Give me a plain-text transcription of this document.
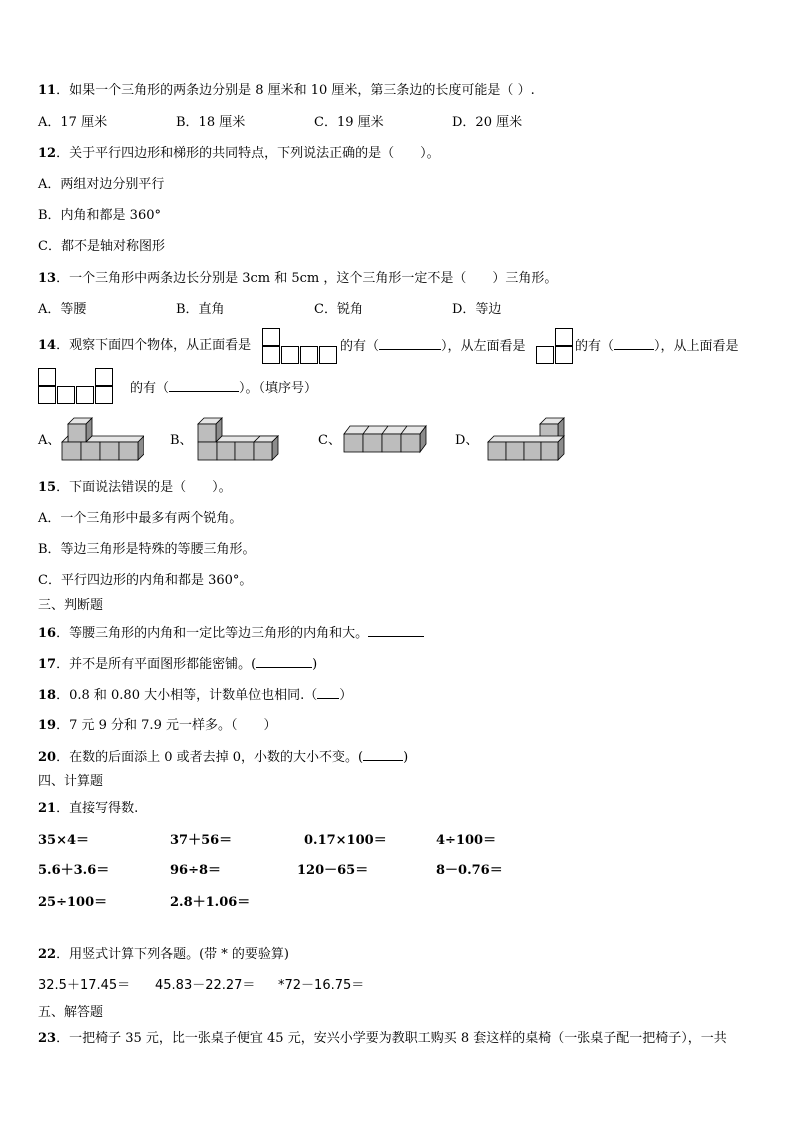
11．如果一个三角形的两条边分别是 8 厘米和 10 厘米，第三条边的长度可能是（ ）.
A．17 厘米	B．18 厘米	C．19 厘米	D．20 厘米
12．关于平行四边形和梯形的共同特点，下列说法正确的是（　　）。
A．两组对边分别平行
B．内角和都是 360°
C．都不是轴对称图形
13．一个三角形中两条边长分别是 3cm 和 5cm ，这个三角形一定不是（　　）三角形。
A．等腰	B．直角	C．锐角	D．等边
14．观察下面四个物体，从正面看是	的有（	），从左面看是	的有（	），从上面看是
的有（	）。（填序号）
A、	B、	C、	D、
15．下面说法错误的是（　　）。
A．一个三角形中最多有两个锐角。
B．等边三角形是特殊的等腰三角形。
C．平行四边形的内角和都是 360°。
三、判断题
16．等腰三角形的内角和一定比等边三角形的内角和大。
17．并不是所有平面图形都能密铺。(	)
18．0.8 和 0.80 大小相等，计数单位也相同.（ ）
19．7 元 9 分和 7.9 元一样多。（　　）
20．在数的后面添上 0 或者去掉 0，小数的大小不变。(	)
四、计算题
21．直接写得数.
35×4＝	37＋56＝	0.17×100＝	4÷100＝
5.6＋3.6＝	96÷8＝	120－65＝	8－0.76＝
25÷100＝	2.8＋1.06＝
22．用竖式计算下列各题。(带 * 的要验算)
32.5＋17.45＝ 45.83－22.27＝ *72－16.75＝
五、解答题
23．一把椅子 35 元，比一张桌子便宜 45 元，安兴小学要为教职工购买 8 套这样的桌椅（一张桌子配一把椅子），一共
